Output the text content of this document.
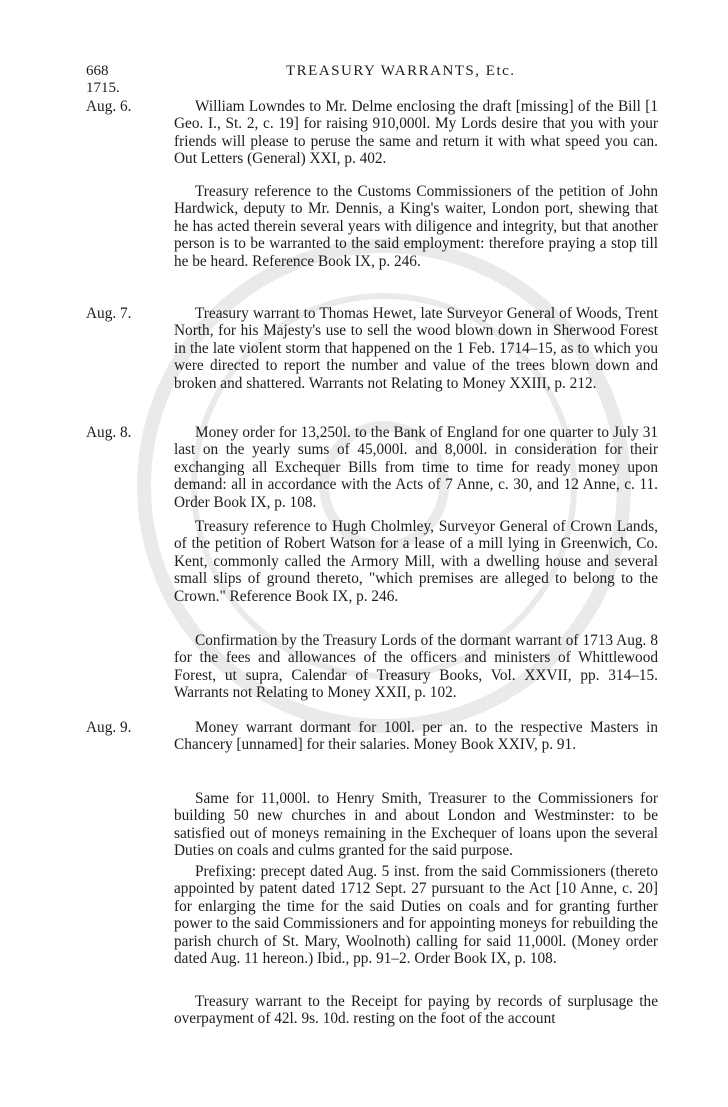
668	TREASURY WARRANTS, Etc.
1715.
Aug. 6.	William Lowndes to Mr. Delme enclosing the draft [missing] of the Bill [1 Geo. I., St. 2, c. 19] for raising 910,000l. My Lords desire that you with your friends will please to peruse the same and return it with what speed you can. Out Letters (General) XXI, p. 402.
Treasury reference to the Customs Commissioners of the petition of John Hardwick, deputy to Mr. Dennis, a King's waiter, London port, shewing that he has acted therein several years with diligence and integrity, but that another person is to be warranted to the said employment: therefore praying a stop till he be heard. Reference Book IX, p. 246.
Aug. 7.	Treasury warrant to Thomas Hewet, late Surveyor General of Woods, Trent North, for his Majesty's use to sell the wood blown down in Sherwood Forest in the late violent storm that happened on the 1 Feb. 1714–15, as to which you were directed to report the number and value of the trees blown down and broken and shattered. Warrants not Relating to Money XXIII, p. 212.
Aug. 8.	Money order for 13,250l. to the Bank of England for one quarter to July 31 last on the yearly sums of 45,000l. and 8,000l. in consideration for their exchanging all Exchequer Bills from time to time for ready money upon demand: all in accordance with the Acts of 7 Anne, c. 30, and 12 Anne, c. 11. Order Book IX, p. 108.
Treasury reference to Hugh Cholmley, Surveyor General of Crown Lands, of the petition of Robert Watson for a lease of a mill lying in Greenwich, Co. Kent, commonly called the Armory Mill, with a dwelling house and several small slips of ground thereto, "which premises are alleged to belong to the Crown." Reference Book IX, p. 246.
Confirmation by the Treasury Lords of the dormant warrant of 1713 Aug. 8 for the fees and allowances of the officers and ministers of Whittlewood Forest, ut supra, Calendar of Treasury Books, Vol. XXVII, pp. 314–15. Warrants not Relating to Money XXII, p. 102.
Aug. 9.	Money warrant dormant for 100l. per an. to the respective Masters in Chancery [unnamed] for their salaries. Money Book XXIV, p. 91.
Same for 11,000l. to Henry Smith, Treasurer to the Commissioners for building 50 new churches in and about London and Westminster: to be satisfied out of moneys remaining in the Exchequer of loans upon the several Duties on coals and culms granted for the said purpose.
Prefixing: precept dated Aug. 5 inst. from the said Commissioners (thereto appointed by patent dated 1712 Sept. 27 pursuant to the Act [10 Anne, c. 20] for enlarging the time for the said Duties on coals and for granting further power to the said Commissioners and for appointing moneys for rebuilding the parish church of St. Mary, Woolnoth) calling for said 11,000l. (Money order dated Aug. 11 hereon.) Ibid., pp. 91–2. Order Book IX, p. 108.
Treasury warrant to the Receipt for paying by records of surplusage the overpayment of 42l. 9s. 10d. resting on the foot of the account
